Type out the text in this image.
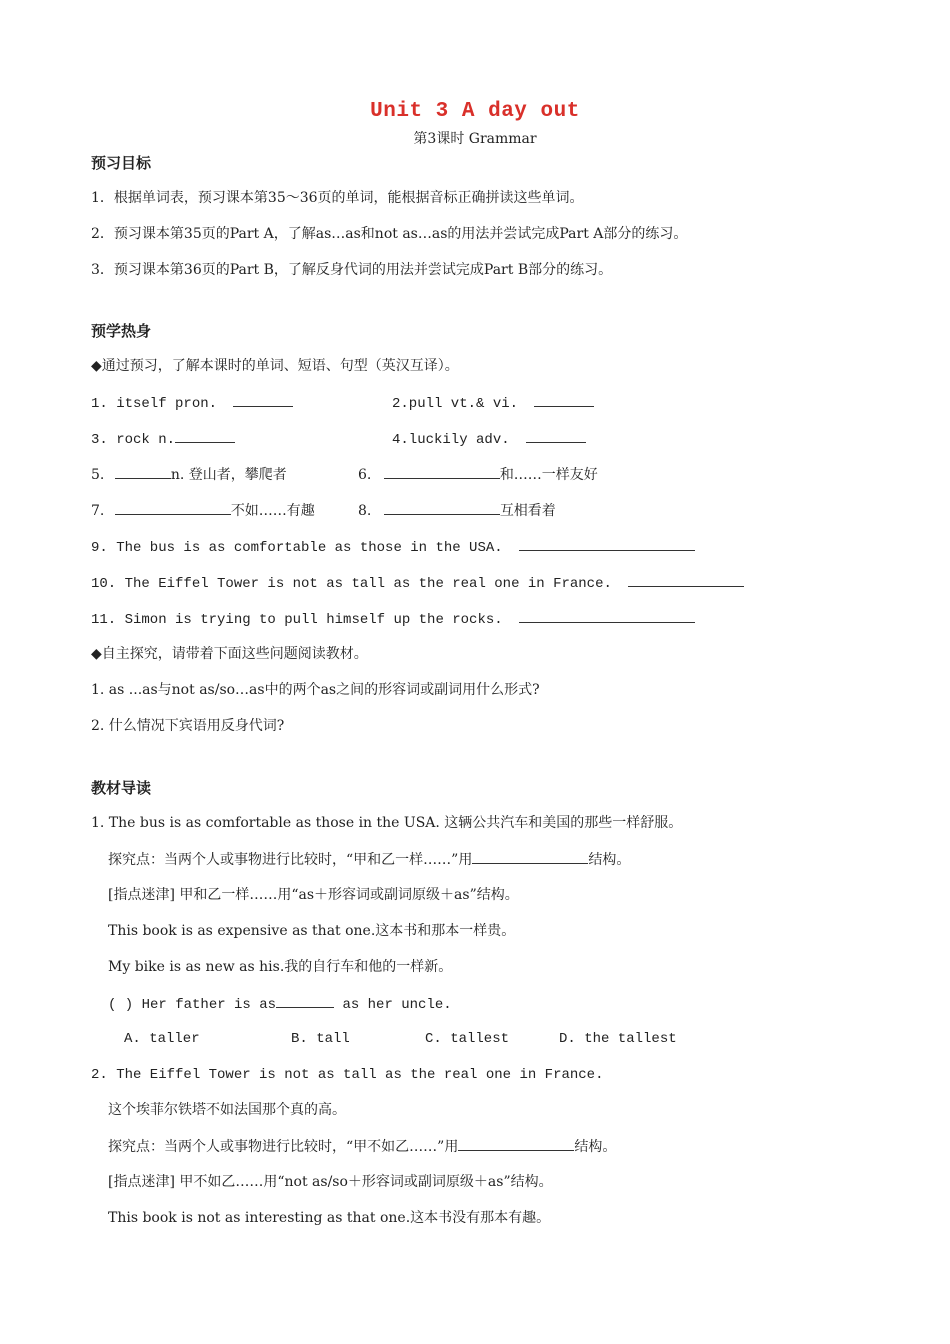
Unit 3 A day out
第3课时 Grammar
预习目标
1．根据单词表，预习课本第35～36页的单词，能根据音标正确拼读这些单词。
2．预习课本第35页的Part A，了解as…as和not as…as的用法并尝试完成Part A部分的练习。
3．预习课本第36页的Part B，了解反身代词的用法并尝试完成Part B部分的练习。
预学热身
◆通过预习，了解本课时的单词、短语、句型（英汉互译）。
1. itself pron.	2.pull vt.& vi.
3. rock n.	4.luckily adv.
5.	n. 登山者，攀爬者	6.	和……一样友好
7.	不如……有趣	8.	互相看着
9. The bus is as comfortable as those in the USA.
10. The Eiffel Tower is not as tall as the real one in France.
11. Simon is trying to pull himself up the rocks.
◆自主探究，请带着下面这些问题阅读教材。
1. as ...as与not as/so…as中的两个as之间的形容词或副词用什么形式?
2. 什么情况下宾语用反身代词?
教材导读
1. The bus is as comfortable as those in the USA. 这辆公共汽车和美国的那些一样舒服。
探究点：当两个人或事物进行比较时，“甲和乙一样……”用	结构。
[指点迷津] 甲和乙一样……用“as＋形容词或副词原级＋as”结构。
This book is as expensive as that one.这本书和那本一样贵。
My bike is as new as his.我的自行车和他的一样新。
( ) Her father is as	as her uncle.
A. taller	B. tall	C. tallest	D. the tallest
2. The Eiffel Tower is not as tall as the real one in France.
这个埃菲尔铁塔不如法国那个真的高。
探究点：当两个人或事物进行比较时，“甲不如乙……”用	结构。
[指点迷津] 甲不如乙……用“not as/so＋形容词或副词原级＋as”结构。
This book is not as interesting as that one.这本书没有那本有趣。
